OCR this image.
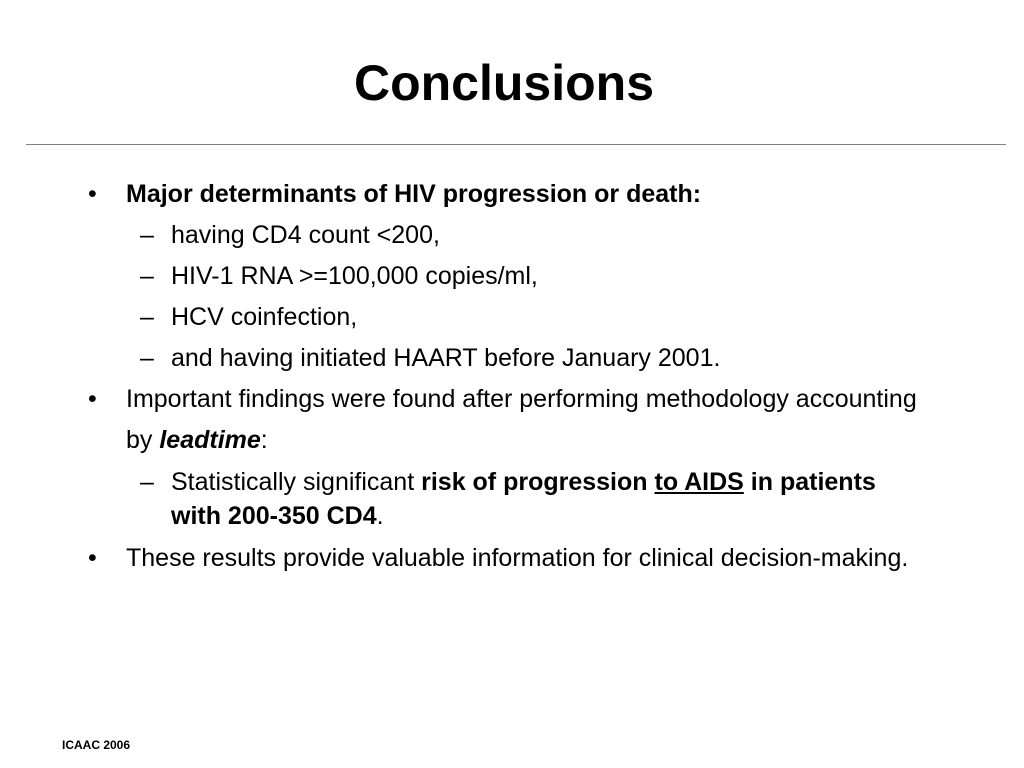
Conclusions
• Major determinants of HIV progression or death:
– having CD4 count <200,
– HIV-1 RNA >=100,000 copies/ml,
– HCV coinfection,
– and having initiated HAART before January 2001.
• Important findings were found after performing methodology accounting by leadtime:
– Statistically significant risk of progression to AIDS in patients with 200-350 CD4.
• These results provide valuable information for clinical decision-making.
ICAAC 2006
